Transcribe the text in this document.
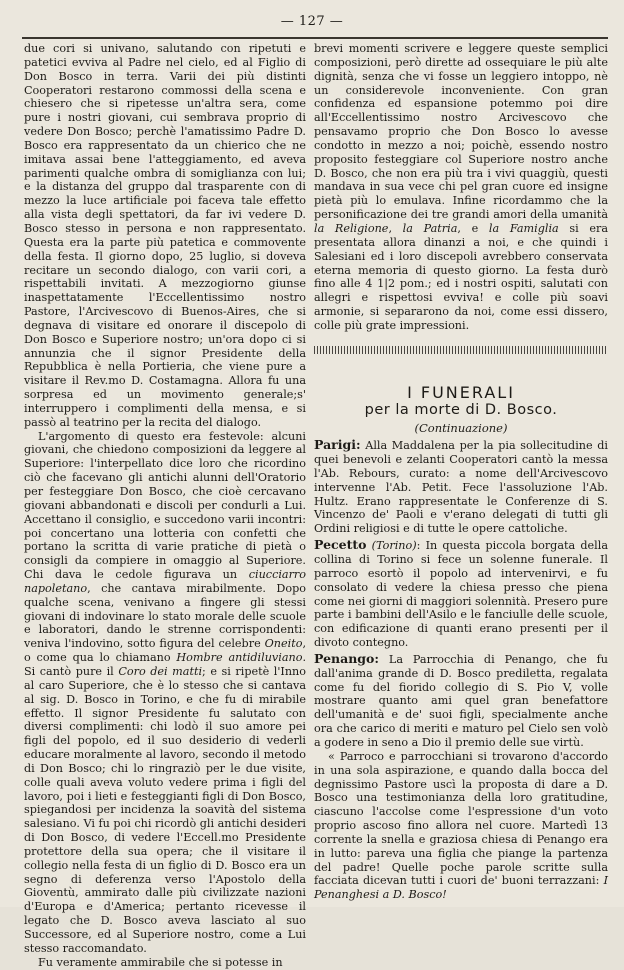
— 127 —

due cori si univano, salutando con ripetuti e patetici evviva al Padre nel cielo, ed al Figlio di Don Bosco in terra. Varii dei più distinti Cooperatori restarono commossi della scena e chiesero che si ripetesse un'altra sera, come pure i nostri giovani, cui sembrava proprio di vedere Don Bosco; perchè l'amatissimo Padre D. Bosco era rappresentato da un chierico che ne imitava assai bene l'atteggiamento, ed aveva parimenti qualche ombra di somiglianza con lui; e la distanza del gruppo dal trasparente con di mezzo la luce artificiale poi faceva tale effetto alla vista degli spettatori, da far ivi vedere D. Bosco stesso in persona e non rappresentato. Questa era la parte più patetica e commovente della festa. Il giorno dopo, 25 luglio, si doveva recitare un secondo dialogo, con varii cori, a rispettabili invitati. A mezzogiorno giunse inaspettatamente l'Eccellentissimo nostro Pastore, l'Arcivescovo di Buenos-Aires, che si degnava di visitare ed onorare il discepolo di Don Bosco e Superiore nostro; un'ora dopo ci si annunzia che il signor Presidente della Repubblica è nella Portieria, che viene pure a visitare il Rev.mo D. Costamagna. Allora fu una sorpresa ed un movimento generale;s' interruppero i complimenti della mensa, e si passò al teatrino per la recita del dialogo.

L'argomento di questo era festevole: alcuni giovani, che chiedono composizioni da leggere al Superiore: l'interpellato dice loro che ricordino ciò che facevano gli antichi alunni dell'Oratorio per festeggiare Don Bosco, che cioè cercavano giovani abbandonati e discoli per condurli a Lui. Accettano il consiglio, e succedono varii incontri: poi concertano una lotteria con confetti che portano la scritta di varie pratiche di pietà o consigli da compiere in omaggio al Superiore. Chi dava le cedole figurava un ciucciarro napoletano, che cantava mirabilmente. Dopo qualche scena, venivano a fingere gli stessi giovani di indovinare lo stato morale delle scuole e laboratori, dando le strenne corrispondenti: veniva l'indovino, sotto figura del celebre Oneito, o come qua lo chiamano Hombre antidiluviano. Si cantò pure il Coro dei matti; e si ripetè l'Inno al caro Superiore, che è lo stesso che si cantava al sig. D. Bosco in Torino, e che fu di mirabile effetto. Il signor Presidente fu salutato con diversi complimenti: chi lodò il suo amore pei figli del popolo, ed il suo desiderio di vederli educare moralmente al lavoro, secondo il metodo di Don Bosco; chi lo ringraziò per le due visite, colle quali aveva voluto vedere prima i figli del lavoro, poi i lieti e festeggianti figli di Don Bosco, spiegandosi per incidenza la soavità del sistema salesiano. Vi fu poi chi ricordò gli antichi desideri di Don Bosco, di vedere l'Eccell.mo Presidente protettore della sua opera; che il visitare il collegio nella festa di un figlio di D. Bosco era un segno di deferenza verso l'Apostolo della Gioventù, ammirato dalle più civilizzate nazioni d'Europa e d'America; pertanto ricevesse il legato che D. Bosco aveva lasciato al suo Successore, ed al Superiore nostro, come a Lui stesso raccomandato.

Fu veramente ammirabile che si potesse in

brevi momenti scrivere e leggere queste semplici composizioni, però dirette ad ossequiare le più alte dignità, senza che vi fosse un leggiero intoppo, nè un considerevole inconveniente. Con gran confidenza ed espansione potemmo poi dire all'Eccellentissimo nostro Arcivescovo che pensavamo proprio che Don Bosco lo avesse condotto in mezzo a noi; poichè, essendo nostro proposito festeggiare col Superiore nostro anche D. Bosco, che non era più tra i vivi quaggiù, questi mandava in sua vece chi pel gran cuore ed insigne pietà più lo emulava. Infine ricordammo che la personificazione dei tre grandi amori della umanità la Religione, la Patria, e la Famiglia si era presentata allora dinanzi a noi, e che quindi i Salesiani ed i loro discepoli avrebbero conservata eterna memoria di questo giorno. La festa durò fino alle 4 1|2 pom.; ed i nostri ospiti, salutati con allegri e rispettosi evviva! e colle più soavi armonie, si separarono da noi, come essi dissero, colle più grate impressioni.

I FUNERALI
per la morte di D. Bosco.
(Continuazione)

Parigi: Alla Maddalena per la pia sollecitudine di quei benevoli e zelanti Cooperatori cantò la messa l'Ab. Rebours, curato: a nome dell'Arcivescovo intervenne l'Ab. Petit. Fece l'assoluzione l'Ab. Hultz. Erano rappresentate le Conferenze di S. Vincenzo de' Paoli e v'erano delegati di tutti gli Ordini religiosi e di tutte le opere cattoliche.

Pecetto (Torino): In questa piccola borgata della collina di Torino si fece un solenne funerale. Il parroco esortò il popolo ad intervenirvi, e fu consolato di vedere la chiesa presso che piena come nei giorni di maggiori solennità. Presero pure parte i bambini dell'Asilo e le fanciulle delle scuole, con edificazione di quanti erano presenti per il divoto contegno.

Penango: La Parrocchia di Penango, che fu dall'anima grande di D. Bosco prediletta, regalata come fu del fiorido collegio di S. Pio V, volle mostrare quanto ami quel gran benefattore dell'umanità e de' suoi figli, specialmente anche ora che carico di meriti e maturo pel Cielo sen volò a godere in seno a Dio il premio delle sue virtù.

« Parroco e parrocchiani si trovarono d'accordo in una sola aspirazione, e quando dalla bocca del degnissimo Pastore uscì la proposta di dare a D. Bosco una testimonianza della loro gratitudine, ciascuno l'accolse come l'espressione d'un voto proprio ascoso fino allora nel cuore. Martedì 13 corrente la snella e graziosa chiesa di Penango era in lutto: pareva una figlia che piange la partenza del padre! Quelle poche parole scritte sulla facciata dicevan tutti i cuori de' buoni terrazzani: I Penanghesi a D. Bosco!
